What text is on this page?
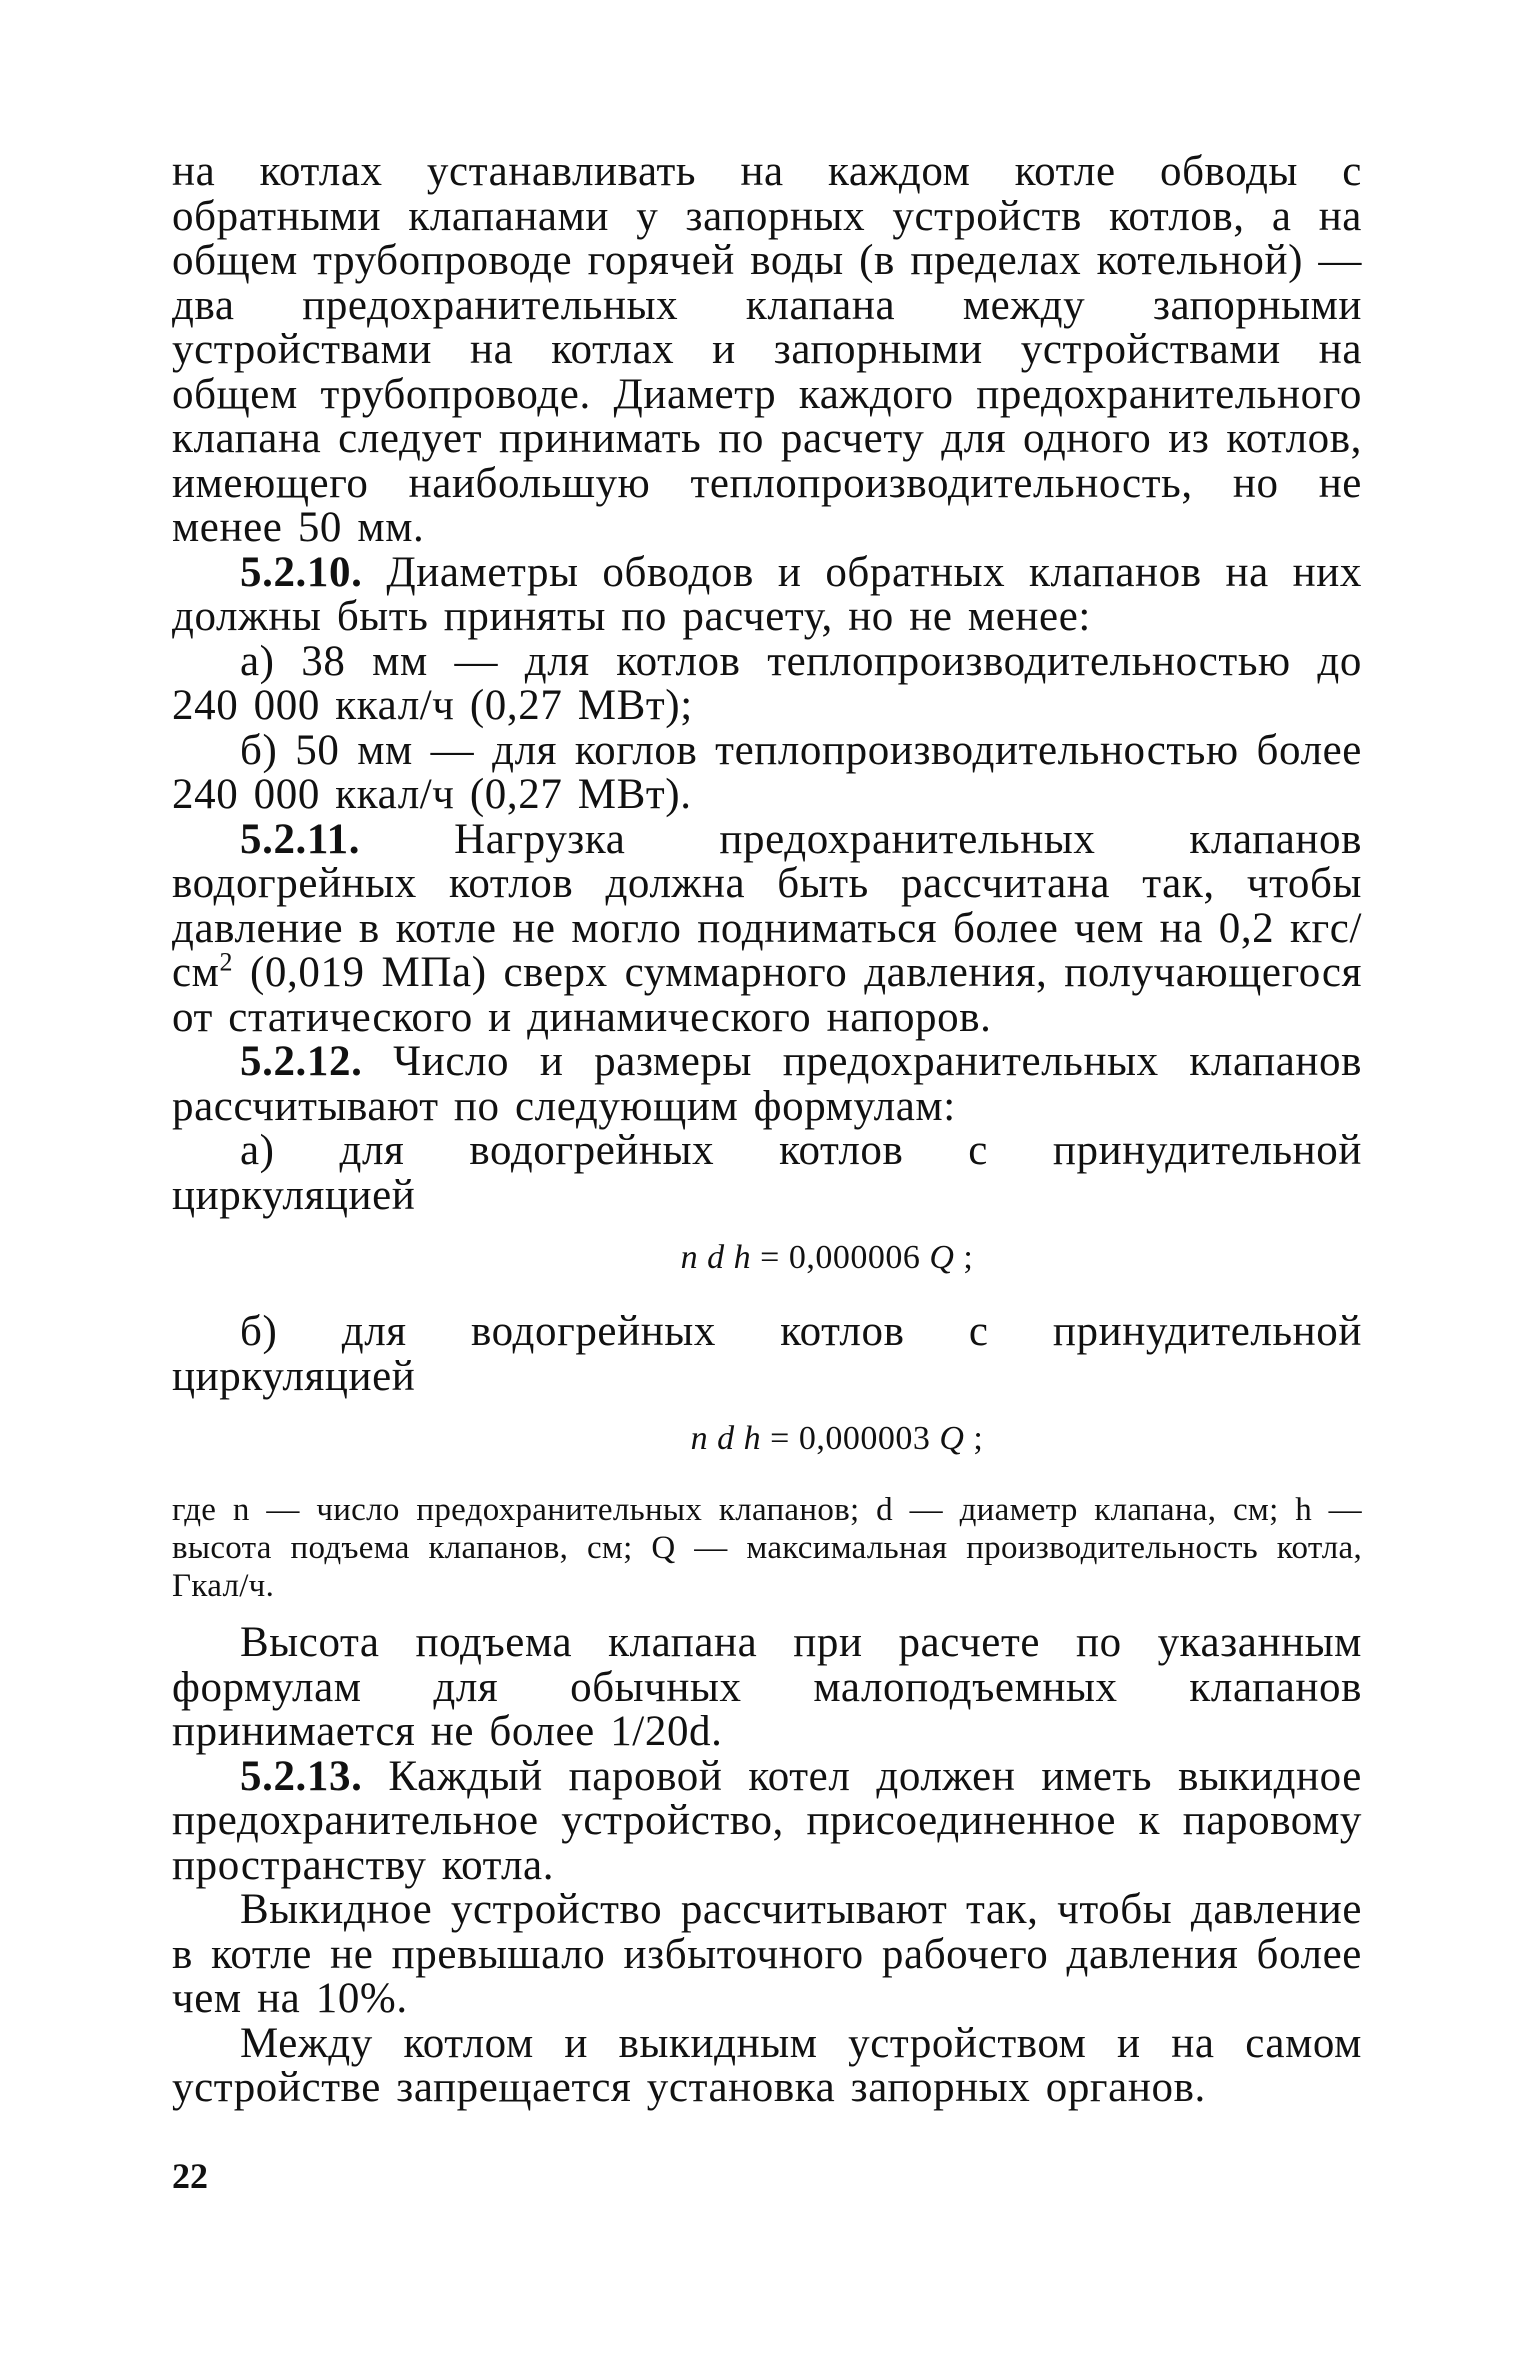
на котлах устанавливать на каждом котле обводы с обратными клапанами у запорных устройств котлов, а на общем трубопроводе горячей воды (в пределах котельной) — два предохранительных клапана между запорными устройствами на котлах и запорными устройствами на общем трубопроводе. Диаметр каждого предохранительного клапана следует принимать по расчету для одного из котлов, имеющего наибольшую теплопроизводительность, но не менее 50 мм.

5.2.10. Диаметры обводов и обратных клапанов на них должны быть приняты по расчету, но не менее:

а) 38 мм — для котлов теплопроизводительностью до 240 000 ккал/ч (0,27 МВт);

б) 50 мм — для коглов теплопроизводительностью более 240 000 ккал/ч (0,27 МВт).

5.2.11. Нагрузка предохранительных клапанов водогрейных котлов должна быть рассчитана так, чтобы давление в котле не могло подниматься более чем на 0,2 кгс/$см^2$ (0,019 МПа) сверх суммарного давления, получающегося от статического и динамического напоров.

5.2.12. Число и размеры предохранительных клапанов рассчитывают по следующим формулам:

а) для водогрейных котлов с принудительной циркуляцией

n d h = 0,000006 Q ;

б) для водогрейных котлов с принудительной циркуляцией

n d h = 0,000003 Q ;

где n — число предохранительных клапанов; d — диаметр клапана, см; h — высота подъема клапанов, см; Q — максимальная производительность котла, Гкал/ч.

Высота подъема клапана при расчете по указанным формулам для обычных малоподъемных клапанов принимается не более 1/20d.

5.2.13. Каждый паровой котел должен иметь выкидное предохранительное устройство, присоединенное к паровому пространству котла.

Выкидное устройство рассчитывают так, чтобы давление в котле не превышало избыточного рабочего давления более чем на 10%.

Между котлом и выкидным устройством и на самом устройстве запрещается установка запорных органов.

22
